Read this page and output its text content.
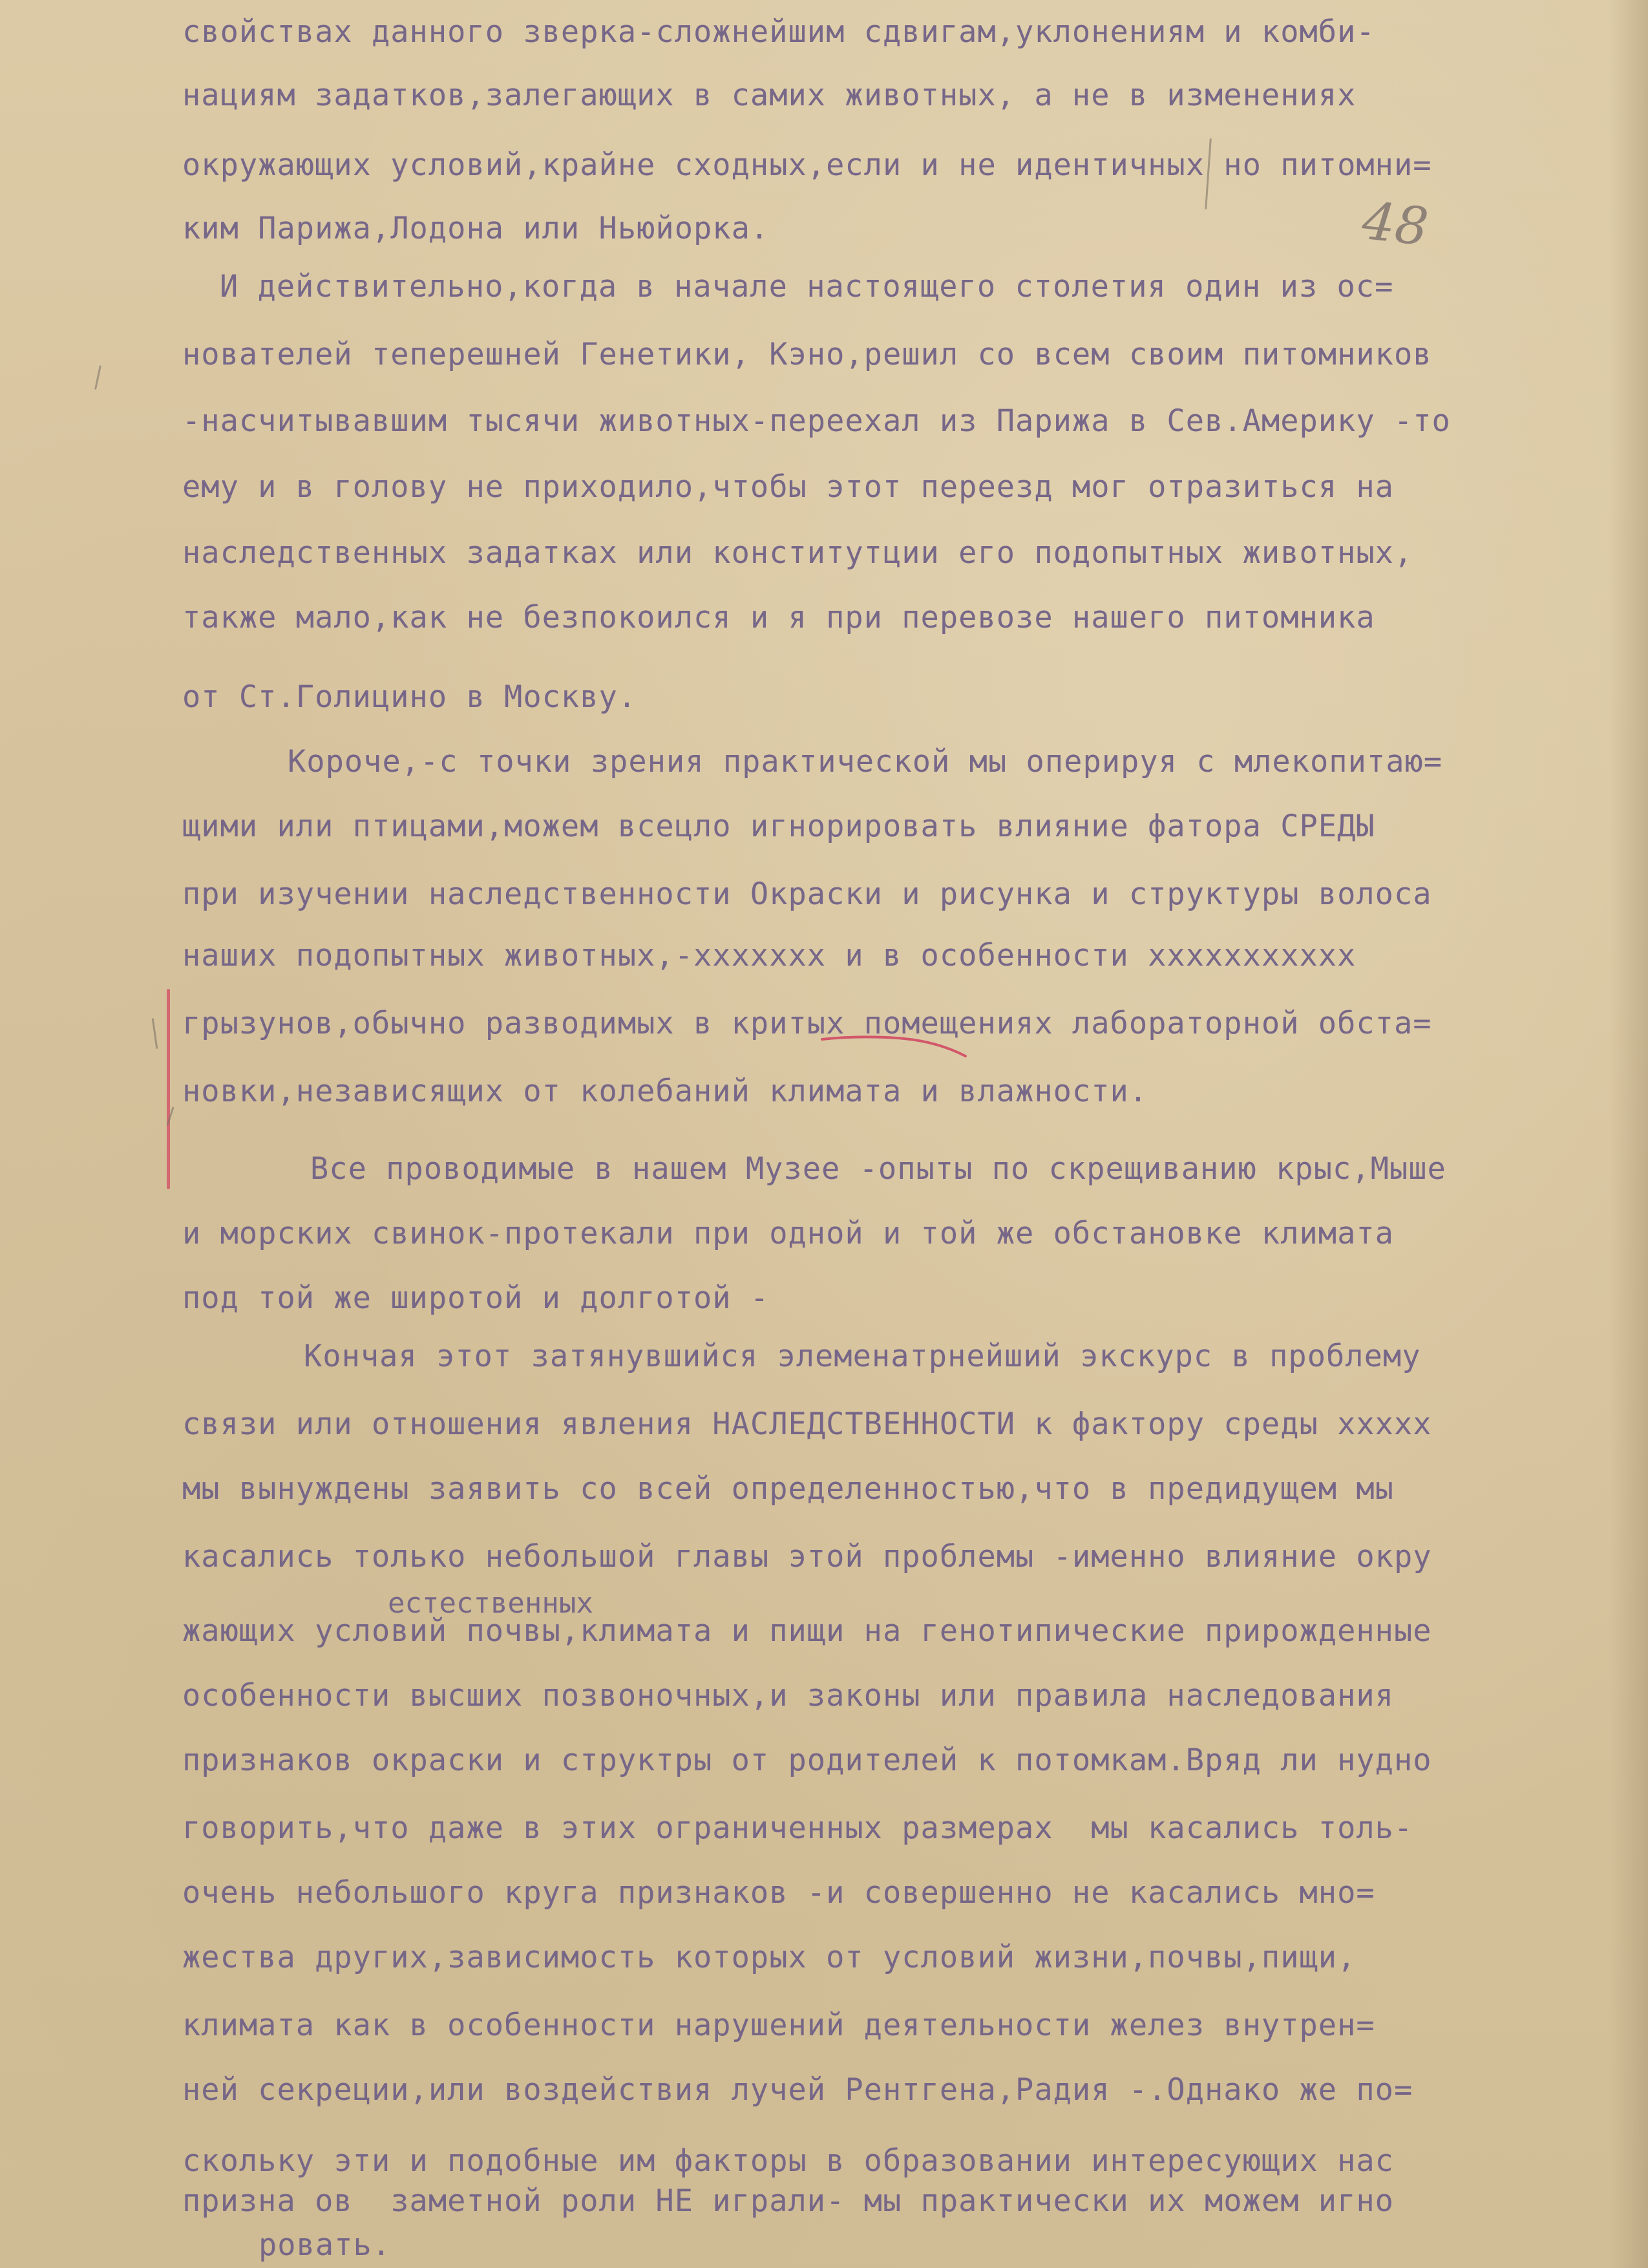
48
свойствах данного зверка-сложнейшим сдвигам,уклонениям и комби-
нациям задатков,залегающих в самих животных, а не в изменениях
окружающих условий,крайне сходных,если и не идентичных но питомни=
ким Парижа,Лодона или Ньюйорка.
И действительно,когда в начале настоящего столетия один из ос=
нователей теперешней Генетики, Кэно,решил со всем своим питомников
-насчитывавшим тысячи животных-переехал из Парижа в Сев.Америку -то
ему и в голову не приходило,чтобы этот переезд мог отразиться на
наследственных задатках или конститутции его подопытных животных,
также мало,как не безпокоился и я при перевозе нашего питомника
от Ст.Голицино в Москву.
Короче,-с точки зрения практической мы оперируя с млекопитаю=
щими или птицами,можем всецло игнорировать влияние фатора СРЕДЫ
при изучении наследственности Окраски и рисунка и структуры волоса
наших подопытных животных,-xxxxxxx и в особенности xxxxxxxxxxx
грызунов,обычно разводимых в критых помещениях лабораторной обста=
новки,независящих от колебаний климата и влажности.
Все проводимые в нашем Музее -опыты по скрещиванию крыс,Мыше
и морских свинок-протекали при одной и той же обстановке климата
под той же широтой и долготой -
Кончая этот затянувшийся элеменатрнейший экскурс в проблему
связи или отношения явления НАСЛЕДСТВЕННОСТИ к фактору среды xxxxx
мы вынуждены заявить со всей определенностью,что в предидущем мы
касались только небольшой главы этой проблемы -именно влияние окру
естественных
жающих условий почвы,климата и пищи на генотипические прирожденные
особенности высших позвоночных,и законы или правила наследования
признаков окраски и структры от родителей к потомкам.Вряд ли нудно
говорить,что даже в этих ограниченных размерах  мы касались толь-
очень небольшого круга признаков -и совершенно не касались мно=
жества других,зависимость которых от условий жизни,почвы,пищи,
климата как в особенности нарушений деятельности желез внутрен=
ней секреции,или воздействия лучей Рентгена,Радия -.Однако же по=
скольку эти и подобные им факторы в образовании интересующих нас
призна ов  заметной роли НЕ играли- мы практически их можем игно
ровать.
